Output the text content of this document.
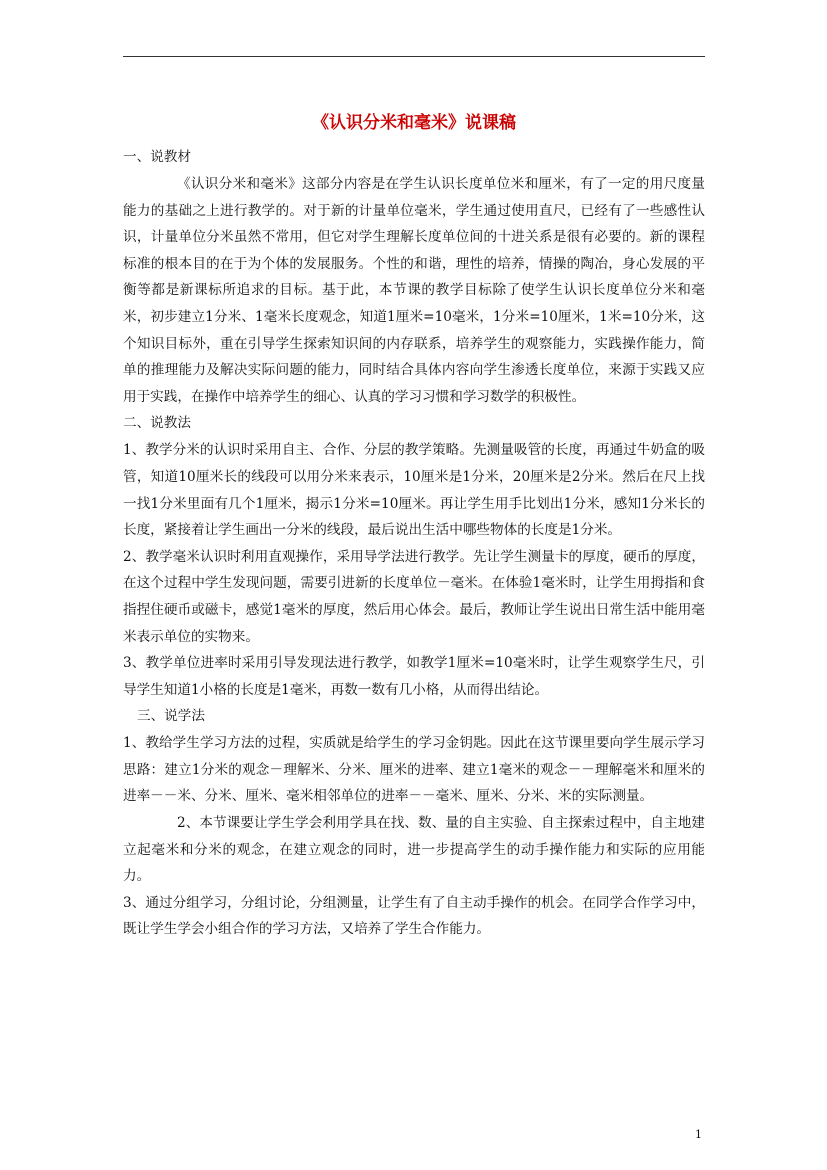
《认识分米和毫米》说课稿

一、说教材

《认识分米和毫米》这部分内容是在学生认识长度单位米和厘米，有了一定的用尺度量能力的基础之上进行教学的。对于新的计量单位毫米，学生通过使用直尺，已经有了一些感性认识，计量单位分米虽然不常用，但它对学生理解长度单位间的十进关系是很有必要的。新的课程标准的根本目的在于为个体的发展服务。个性的和谐，理性的培养，情操的陶冶，身心发展的平衡等都是新课标所追求的目标。基于此，本节课的教学目标除了使学生认识长度单位分米和毫米，初步建立1分米、1毫米长度观念，知道1厘米=10毫米，1分米=10厘米，1米=10分米，这个知识目标外，重在引导学生探索知识间的内存联系，培养学生的观察能力，实践操作能力，简单的推理能力及解决实际问题的能力，同时结合具体内容向学生渗透长度单位，来源于实践又应用于实践，在操作中培养学生的细心、认真的学习习惯和学习数学的积极性。

二、说教法

1、教学分米的认识时采用自主、合作、分层的教学策略。先测量吸管的长度，再通过牛奶盒的吸管，知道10厘米长的线段可以用分米来表示，10厘米是1分米，20厘米是2分米。然后在尺上找一找1分米里面有几个1厘米，揭示1分米=10厘米。再让学生用手比划出1分米，感知1分米长的长度，紧接着让学生画出一分米的线段，最后说出生活中哪些物体的长度是1分米。

2、教学毫米认识时利用直观操作，采用导学法进行教学。先让学生测量卡的厚度，硬币的厚度，在这个过程中学生发现问题，需要引进新的长度单位－毫米。在体验1毫米时，让学生用拇指和食指捏住硬币或磁卡，感觉1毫米的厚度，然后用心体会。最后，教师让学生说出日常生活中能用毫米表示单位的实物来。

3、教学单位进率时采用引导发现法进行教学，如教学1厘米=10毫米时，让学生观察学生尺，引导学生知道1小格的长度是1毫米，再数一数有几小格，从而得出结论。

三、说学法

1、教给学生学习方法的过程，实质就是给学生的学习金钥匙。因此在这节课里要向学生展示学习思路：建立1分米的观念－理解米、分米、厘米的进率、建立1毫米的观念－－理解毫米和厘米的进率－－米、分米、厘米、毫米相邻单位的进率－－毫米、厘米、分米、米的实际测量。

2、本节课要让学生学会利用学具在找、数、量的自主实验、自主探索过程中，自主地建立起毫米和分米的观念，在建立观念的同时，进一步提高学生的动手操作能力和实际的应用能力。

3、通过分组学习，分组讨论，分组测量，让学生有了自主动手操作的机会。在同学合作学习中，既让学生学会小组合作的学习方法，又培养了学生合作能力。

1
